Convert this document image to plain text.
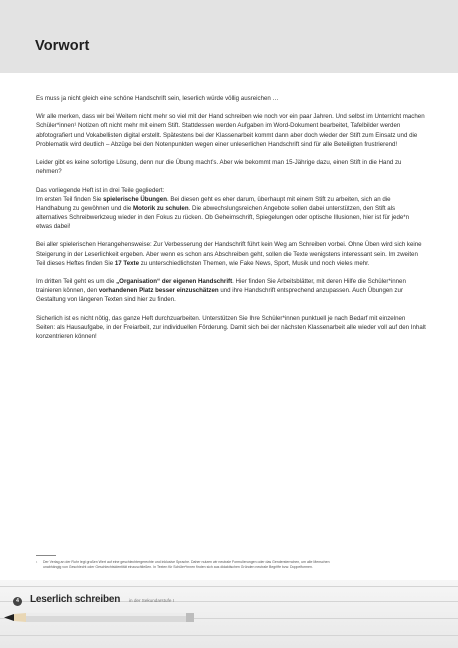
Vorwort

Es muss ja nicht gleich eine schöne Handschrift sein, leserlich würde völlig ausreichen …

Wir alle merken, dass wir bei Weitem nicht mehr so viel mit der Hand schreiben wie noch vor ein paar Jahren. Und selbst im Unterricht machen Schüler*innen¹ Notizen oft nicht mehr mit einem Stift. Stattdessen werden Aufgaben im Word-Dokument bearbeitet, Tafelbilder werden abfotografiert und Vokabellisten digital erstellt. Spätestens bei der Klassenarbeit kommt dann aber doch wieder der Stift zum Einsatz und die Problematik wird deutlich – Abzüge bei den Notenpunkten wegen einer unleserlichen Handschrift sind für alle Beteiligten frustrierend!

Leider gibt es keine sofortige Lösung, denn nur die Übung macht’s. Aber wie bekommt man 15-Jährige dazu, einen Stift in die Hand zu nehmen?

Das vorliegende Heft ist in drei Teile gegliedert:

Im ersten Teil finden Sie spielerische Übungen. Bei diesen geht es eher darum, überhaupt mit einem Stift zu arbeiten, sich an die Handhabung zu gewöhnen und die Motorik zu schulen. Die abwechslungsreichen Angebote sollen dabei unterstützen, den Stift als alternatives Schreibwerkzeug wieder in den Fokus zu rücken. Ob Geheimschrift, Spiegelungen oder optische Illusionen, hier ist für jede*n etwas dabei!

Bei aller spielerischen Herangehensweise: Zur Verbesserung der Handschrift führt kein Weg am Schreiben vorbei. Ohne Üben wird sich keine Steigerung in der Leserlichkeit ergeben. Aber wenn es schon ans Abschreiben geht, sollen die Texte wenigstens interessant sein. Im zweiten Teil dieses Heftes finden Sie 17 Texte zu unterschiedlichsten Themen, wie Fake News, Sport, Musik und noch vieles mehr.

Im dritten Teil geht es um die „Organisation“ der eigenen Handschrift. Hier finden Sie Arbeitsblätter, mit deren Hilfe die Schüler*innen trainieren können, den vorhandenen Platz besser einzuschätzen und ihre Handschrift entsprechend anzupassen. Auch Übungen zur Gestaltung von längeren Texten sind hier zu finden.

Sicherlich ist es nicht nötig, das ganze Heft durchzuarbeiten. Unterstützen Sie Ihre Schüler*innen punktuell je nach Bedarf mit einzelnen Seiten: als Hausaufgabe, in der Freiarbeit, zur individuellen Förderung. Damit sich bei der nächsten Klassenarbeit alle wieder voll auf den Inhalt konzentrieren können!

¹	Der Verlag an der Ruhr legt großen Wert auf eine geschlechtergerechte und inklusive Sprache. Daher nutzen wir neutrale Formulierungen oder das Gendersternchen, um alle Menschen unabhängig von Geschlecht oder Geschlechtsidentität einzuschließen. In Texten für Schüler*innen finden sich aus didaktischen Gründen neutrale Begriffe bzw. Doppelformen.
4	Leserlich schreiben in der Sekundarstufe I
